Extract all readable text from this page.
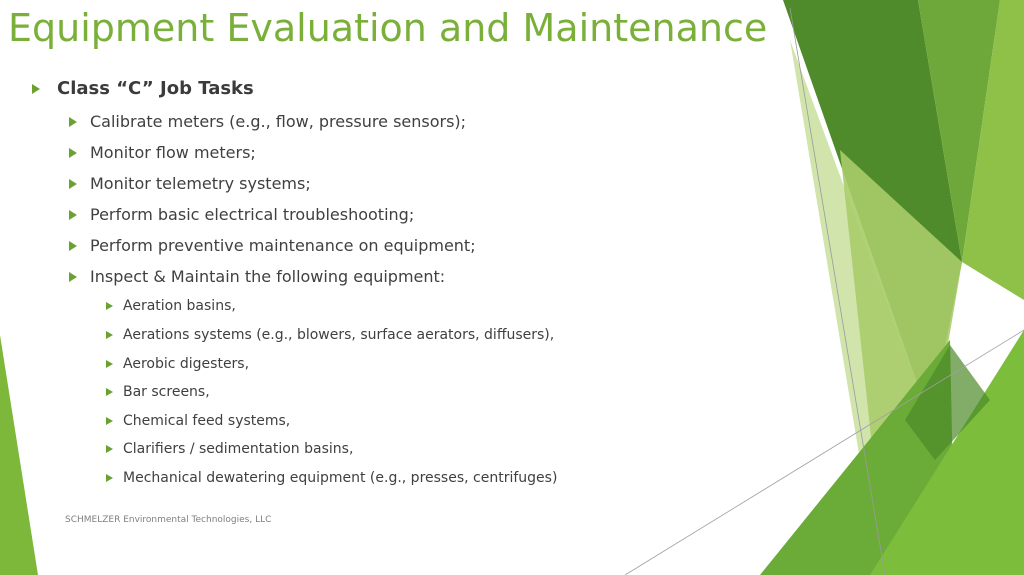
Equipment Evaluation and Maintenance
Class “C” Job Tasks
Calibrate meters (e.g., flow, pressure sensors);
Monitor flow meters;
Monitor telemetry systems;
Perform basic electrical troubleshooting;
Perform preventive maintenance on equipment;
Inspect & Maintain the following equipment:
Aeration basins,
Aerations systems (e.g., blowers, surface aerators, diffusers),
Aerobic digesters,
Bar screens,
Chemical feed systems,
Clarifiers / sedimentation basins,
Mechanical dewatering equipment (e.g., presses, centrifuges)
SCHMELZER Environmental Technologies, LLC
